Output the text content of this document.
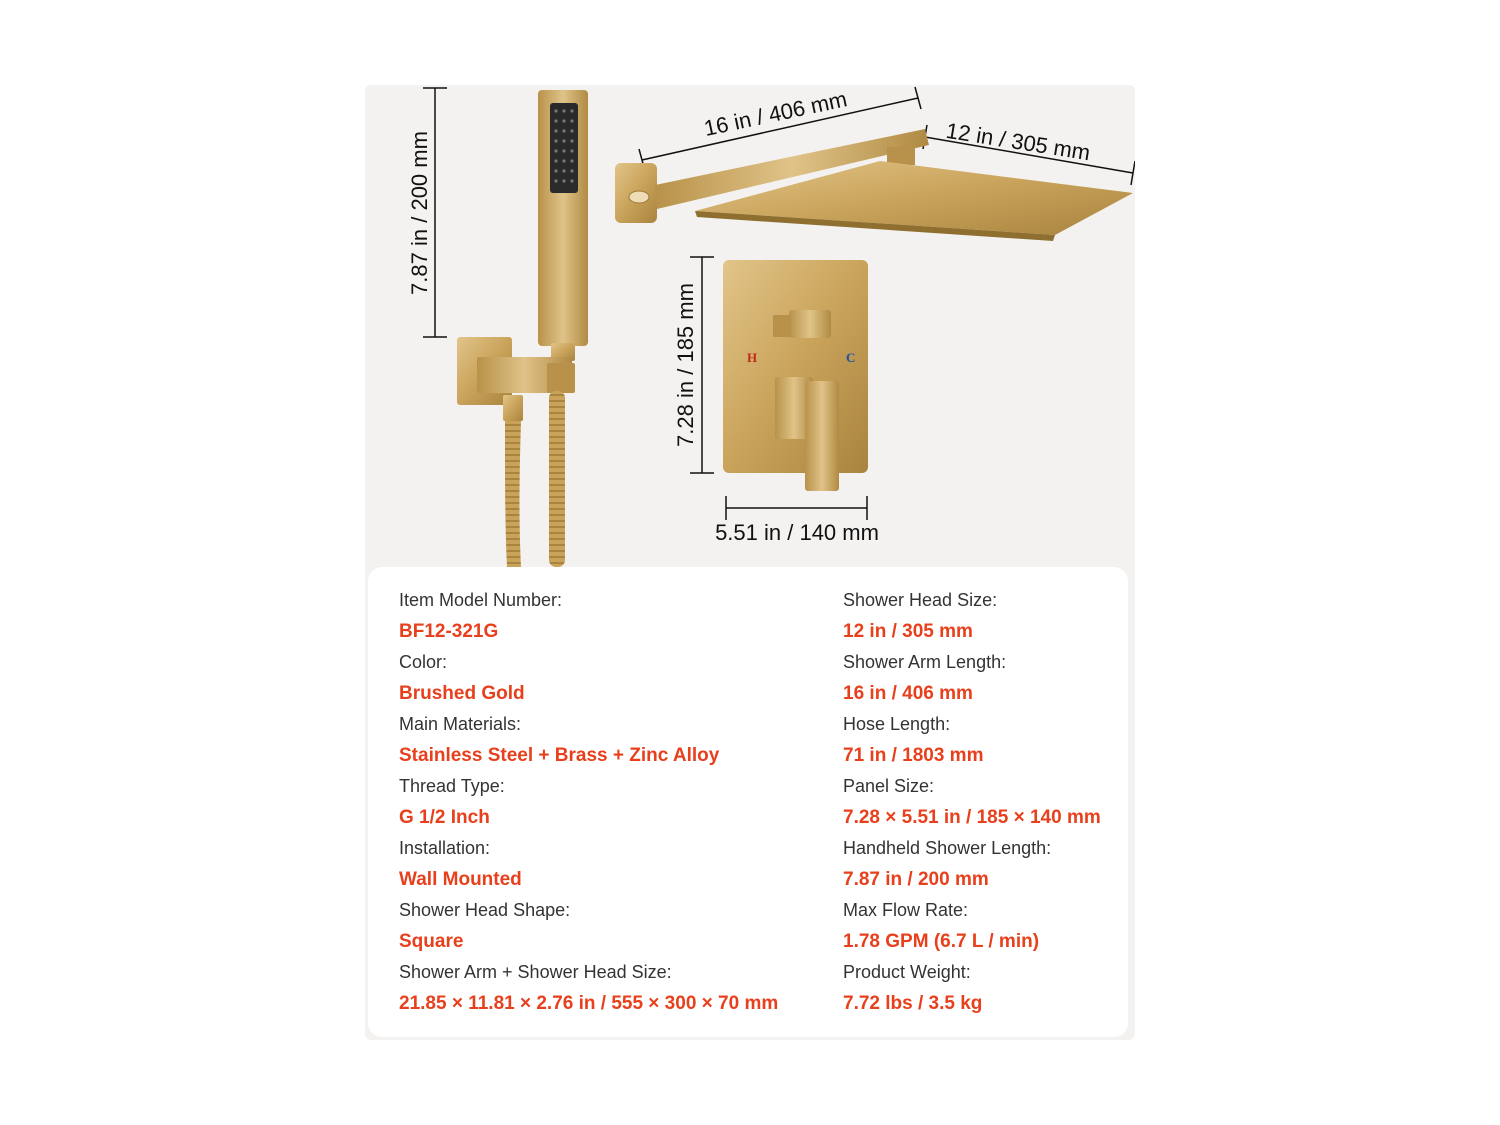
7.87 in / 200 mm
16 in / 406 mm
12 in / 305 mm
7.28 in / 185 mm	H	C
5.51 in / 140 mm
Item Model Number:
BF12-321G
Color:
Brushed Gold
Main Materials:
Stainless Steel + Brass + Zinc Alloy
Thread Type:
G 1/2 Inch
Installation:
Wall Mounted
Shower Head Shape:
Square
Shower Arm + Shower Head Size:
21.85 × 11.81 × 2.76 in / 555 × 300 × 70 mm
Shower Head Size:
12 in / 305 mm
Shower Arm Length:
16 in / 406 mm
Hose Length:
71 in / 1803 mm
Panel Size:
7.28 × 5.51 in / 185 × 140 mm
Handheld Shower Length:
7.87 in / 200 mm
Max Flow Rate:
1.78 GPM (6.7 L / min)
Product Weight:
7.72 lbs / 3.5 kg
